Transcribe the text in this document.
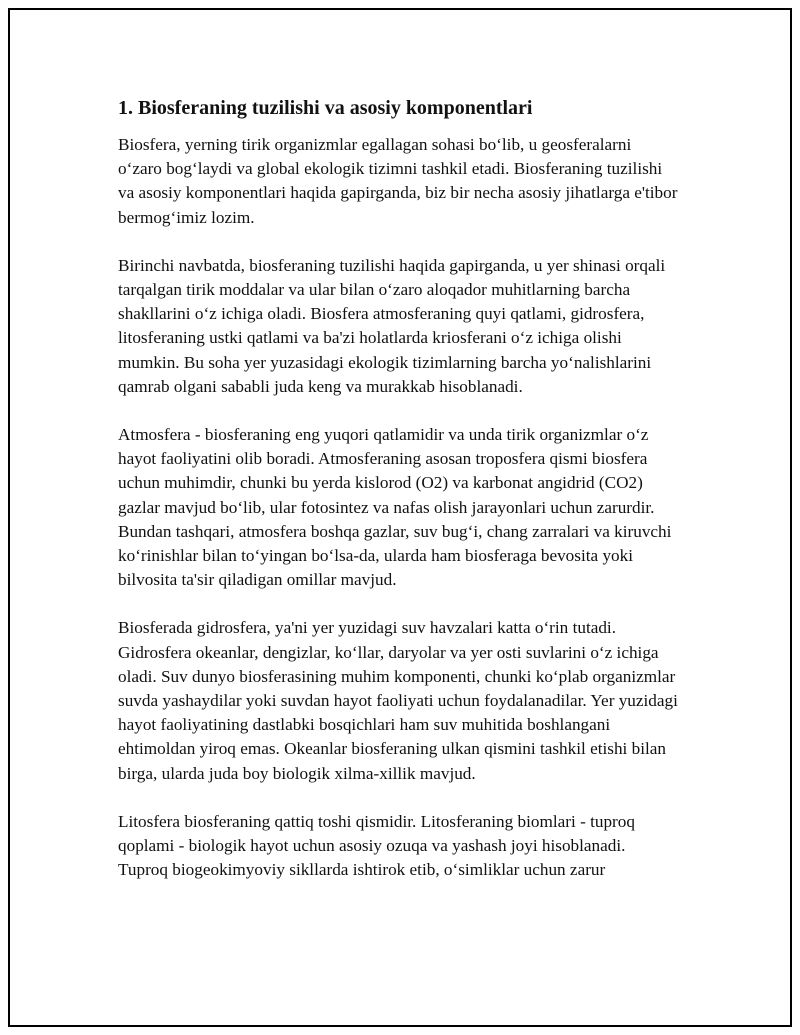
1. Biosferaning tuzilishi va asosiy komponentlari

Biosfera, yerning tirik organizmlar egallagan sohasi bo‘lib, u geosferalarni o‘zaro bog‘laydi va global ekologik tizimni tashkil etadi. Biosferaning tuzilishi va asosiy komponentlari haqida gapirganda, biz bir necha asosiy jihatlarga e'tibor bermog‘imiz lozim.

Birinchi navbatda, biosferaning tuzilishi haqida gapirganda, u yer shinasi orqali tarqalgan tirik moddalar va ular bilan o‘zaro aloqador muhitlarning barcha shakllarini o‘z ichiga oladi. Biosfera atmosferaning quyi qatlami, gidrosfera, litosferaning ustki qatlami va ba'zi holatlarda kriosferani o‘z ichiga olishi mumkin. Bu soha yer yuzasidagi ekologik tizimlarning barcha yo‘nalishlarini qamrab olgani sababli juda keng va murakkab hisoblanadi.

Atmosfera - biosferaning eng yuqori qatlamidir va unda tirik organizmlar o‘z hayot faoliyatini olib boradi. Atmosferaning asosan troposfera qismi biosfera uchun muhimdir, chunki bu yerda kislorod (O2) va karbonat angidrid (CO2) gazlar mavjud bo‘lib, ular fotosintez va nafas olish jarayonlari uchun zarurdir. Bundan tashqari, atmosfera boshqa gazlar, suv bug‘i, chang zarralari va kiruvchi ko‘rinishlar bilan to‘yingan bo‘lsa-da, ularda ham biosferaga bevosita yoki bilvosita ta'sir qiladigan omillar mavjud.

Biosferada gidrosfera, ya'ni yer yuzidagi suv havzalari katta o‘rin tutadi. Gidrosfera okeanlar, dengizlar, ko‘llar, daryolar va yer osti suvlarini o‘z ichiga oladi. Suv dunyo biosferasining muhim komponenti, chunki ko‘plab organizmlar suvda yashaydilar yoki suvdan hayot faoliyati uchun foydalanadilar. Yer yuzidagi hayot faoliyatining dastlabki bosqichlari ham suv muhitida boshlangani ehtimoldan yiroq emas. Okeanlar biosferaning ulkan qismini tashkil etishi bilan birga, ularda juda boy biologik xilma-xillik mavjud.

Litosfera biosferaning qattiq toshi qismidir. Litosferaning biomlari - tuproq qoplami - biologik hayot uchun asosiy ozuqa va yashash joyi hisoblanadi. Tuproq biogeokimyoviy sikllarda ishtirok etib, o‘simliklar uchun zarur
